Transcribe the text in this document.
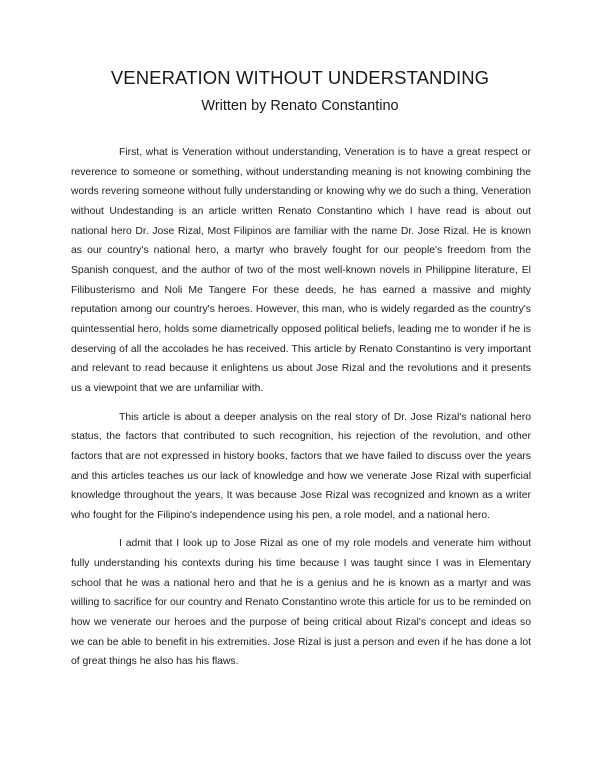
VENERATION WITHOUT UNDERSTANDING
Written by Renato Constantino

First, what is Veneration without understanding, Veneration is to have a great respect or reverence to someone or something, without understanding meaning is not knowing combining the words revering someone without fully understanding or knowing why we do such a thing, Veneration without Undestanding is an article written Renato Constantino which I have read is about out national hero Dr. Jose Rizal, Most Filipinos are familiar with the name Dr. Jose Rizal. He is known as our country's national hero, a martyr who bravely fought for our people's freedom from the Spanish conquest, and the author of two of the most well-known novels in Philippine literature, El Filibusterismo and Noli Me Tangere For these deeds, he has earned a massive and mighty reputation among our country's heroes. However, this man, who is widely regarded as the country's quintessential hero, holds some diametrically opposed political beliefs, leading me to wonder if he is deserving of all the accolades he has received. This article by Renato Constantino is very important and relevant to read because it enlightens us about Jose Rizal and the revolutions and it presents us a viewpoint that we are unfamiliar with.

This article is about a deeper analysis on the real story of Dr. Jose Rizal's national hero status, the factors that contributed to such recognition, his rejection of the revolution, and other factors that are not expressed in history books, factors that we have failed to discuss over the years and this articles teaches us our lack of knowledge and how we venerate Jose Rizal with superficial knowledge throughout the years, It was because Jose Rizal was recognized and known as a writer who fought for the Filipino's independence using his pen, a role model, and a national hero.

I admit that I look up to Jose Rizal as one of my role models and venerate him without fully understanding his contexts during his time because I was taught since I was in Elementary school that he was a national hero and that he is a genius and he is known as a martyr and was willing to sacrifice for our country and Renato Constantino wrote this article for us to be reminded on how we venerate our heroes and the purpose of being critical about Rizal's concept and ideas so we can be able to benefit in his extremities. Jose Rizal is just a person and even if he has done a lot of great things he also has his flaws.
